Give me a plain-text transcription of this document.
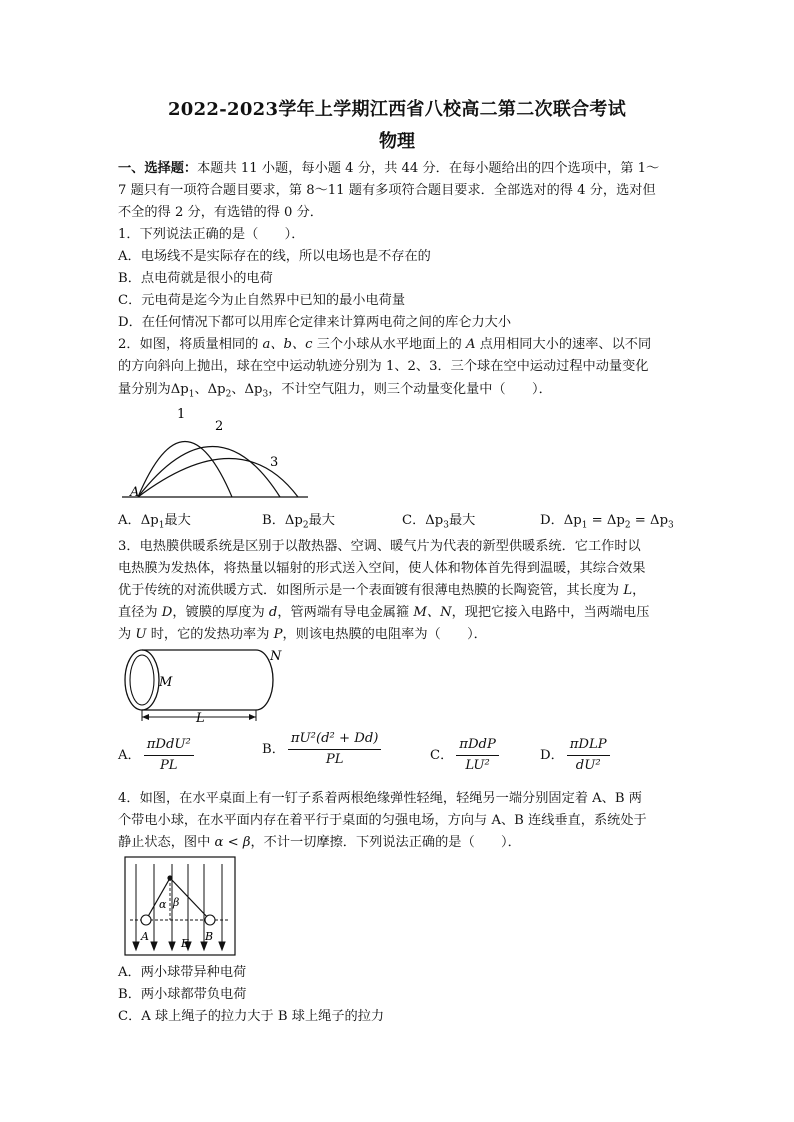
2022-2023学年上学期江西省八校高二第二次联合考试
物理
一、选择题：本题共 11 小题，每小题 4 分，共 44 分．在每小题给出的四个选项中，第 1～
7 题只有一项符合题目要求，第 8～11 题有多项符合题目要求．全部选对的得 4 分，选对但
不全的得 2 分，有选错的得 0 分．
1．下列说法正确的是（　　）．
A．电场线不是实际存在的线，所以电场也是不存在的
B．点电荷就是很小的电荷
C．元电荷是迄今为止自然界中已知的最小电荷量
D．在任何情况下都可以用库仑定律来计算两电荷之间的库仑力大小
2．如图，将质量相同的 a、b、c 三个小球从水平地面上的 A 点用相同大小的速率、以不同
的方向斜向上抛出，球在空中运动轨迹分别为 1、2、3．三个球在空中运动过程中动量变化
量分别为$\Delta p_1$、$\Delta p_2$、$\Delta p_3$，不计空气阻力，则三个动量变化量中（　　）．
1
2
3
A
A．$\Delta p_1$最大	B．$\Delta p_2$最大	C．$\Delta p_3$最大	D．$\Delta p_1 = \Delta p_2 = \Delta p_3$
3．电热膜供暖系统是区别于以散热器、空调、暖气片为代表的新型供暖系统．它工作时以
电热膜为发热体，将热量以辐射的形式送入空间，使人体和物体首先得到温暖，其综合效果
优于传统的对流供暖方式．如图所示是一个表面镀有很薄电热膜的长陶瓷管，其长度为 L，
直径为 D，镀膜的厚度为 d，管两端有导电金属箍 M、N，现把它接入电路中，当两端电压
为 U 时，它的发热功率为 P，则该电热膜的电阻率为（　　）．
M
N
L
A． $\frac{\text{πDdU²}}{PL}$	B． $\frac{\text{πU²(d² + Dd)}}{PL}$	C． $\frac{\text{πDdP}}{\text{LU²}}$	D． $\frac{\text{πDLP}}{\text{dU²}}$
4．如图，在水平桌面上有一钉子系着两根绝缘弹性轻绳，轻绳另一端分别固定着 A、B 两
个带电小球，在水平面内存在着平行于桌面的匀强电场，方向与 A、B 连线垂直，系统处于
静止状态，图中 α < β，不计一切摩擦．下列说法正确的是（　　）．
α β
A
E
B
A．两小球带异种电荷
B．两小球都带负电荷
C．A 球上绳子的拉力大于 B 球上绳子的拉力
